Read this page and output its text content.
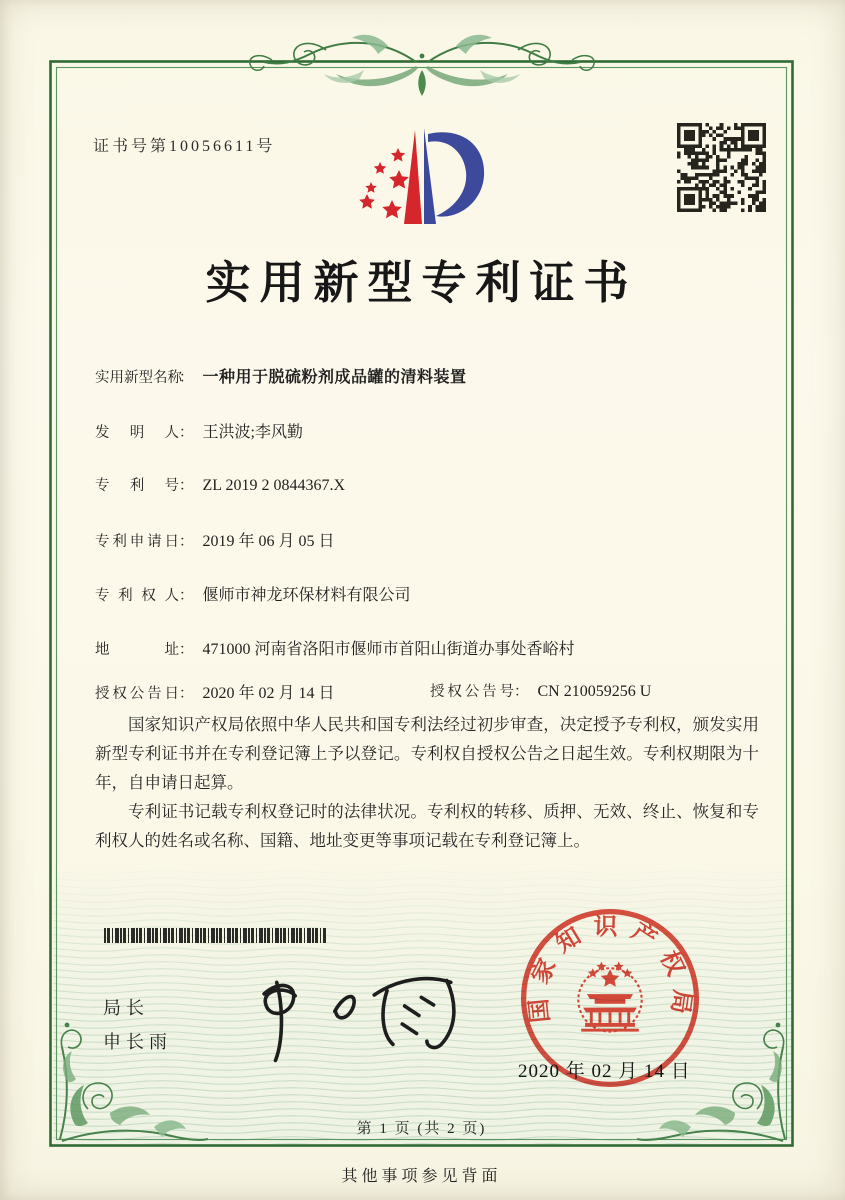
证书号第10056611号
实用新型专利证书
实用新型名称： 一种用于脱硫粉剂成品罐的清料装置
发明人： 王洪波;李风勤
专利号： ZL 2019 2 0844367.X
专利申请日： 2019 年 06 月 05 日
专利权人： 偃师市神龙环保材料有限公司
地址： 471000 河南省洛阳市偃师市首阳山街道办事处香峪村
授权公告日： 2020 年 02 月 14 日	授权公告号： CN 210059256 U

国家知识产权局依照中华人民共和国专利法经过初步审查，决定授予专利权，颁发实用新型专利证书并在专利登记簿上予以登记。专利权自授权公告之日起生效。专利权期限为十年，自申请日起算。

专利证书记载专利权登记时的法律状况。专利权的转移、质押、无效、终止、恢复和专利权人的姓名或名称、国籍、地址变更等事项记载在专利登记簿上。

局长
申长雨
国家知识产权局
2020 年 02 月 14 日
第 1 页 (共 2 页)
其他事项参见背面
